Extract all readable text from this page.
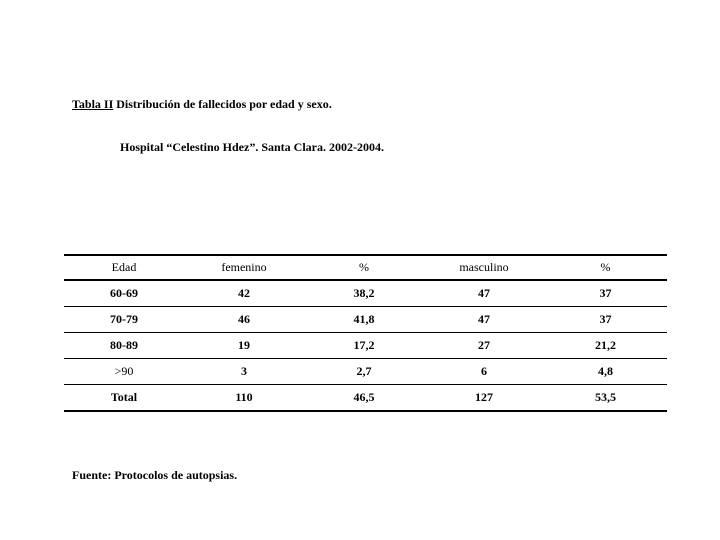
Tabla II Distribución de fallecidos por edad y sexo.
Hospital “Celestino Hdez”. Santa Clara. 2002-2004.
Edad	femenino	%	masculino	%
60-69	42	38,2	47	37
70-79	46	41,8	47	37
80-89	19	17,2	27	21,2
>90	3	2,7	6	4,8
Total	110	46,5	127	53,5
Fuente: Protocolos de autopsias.
